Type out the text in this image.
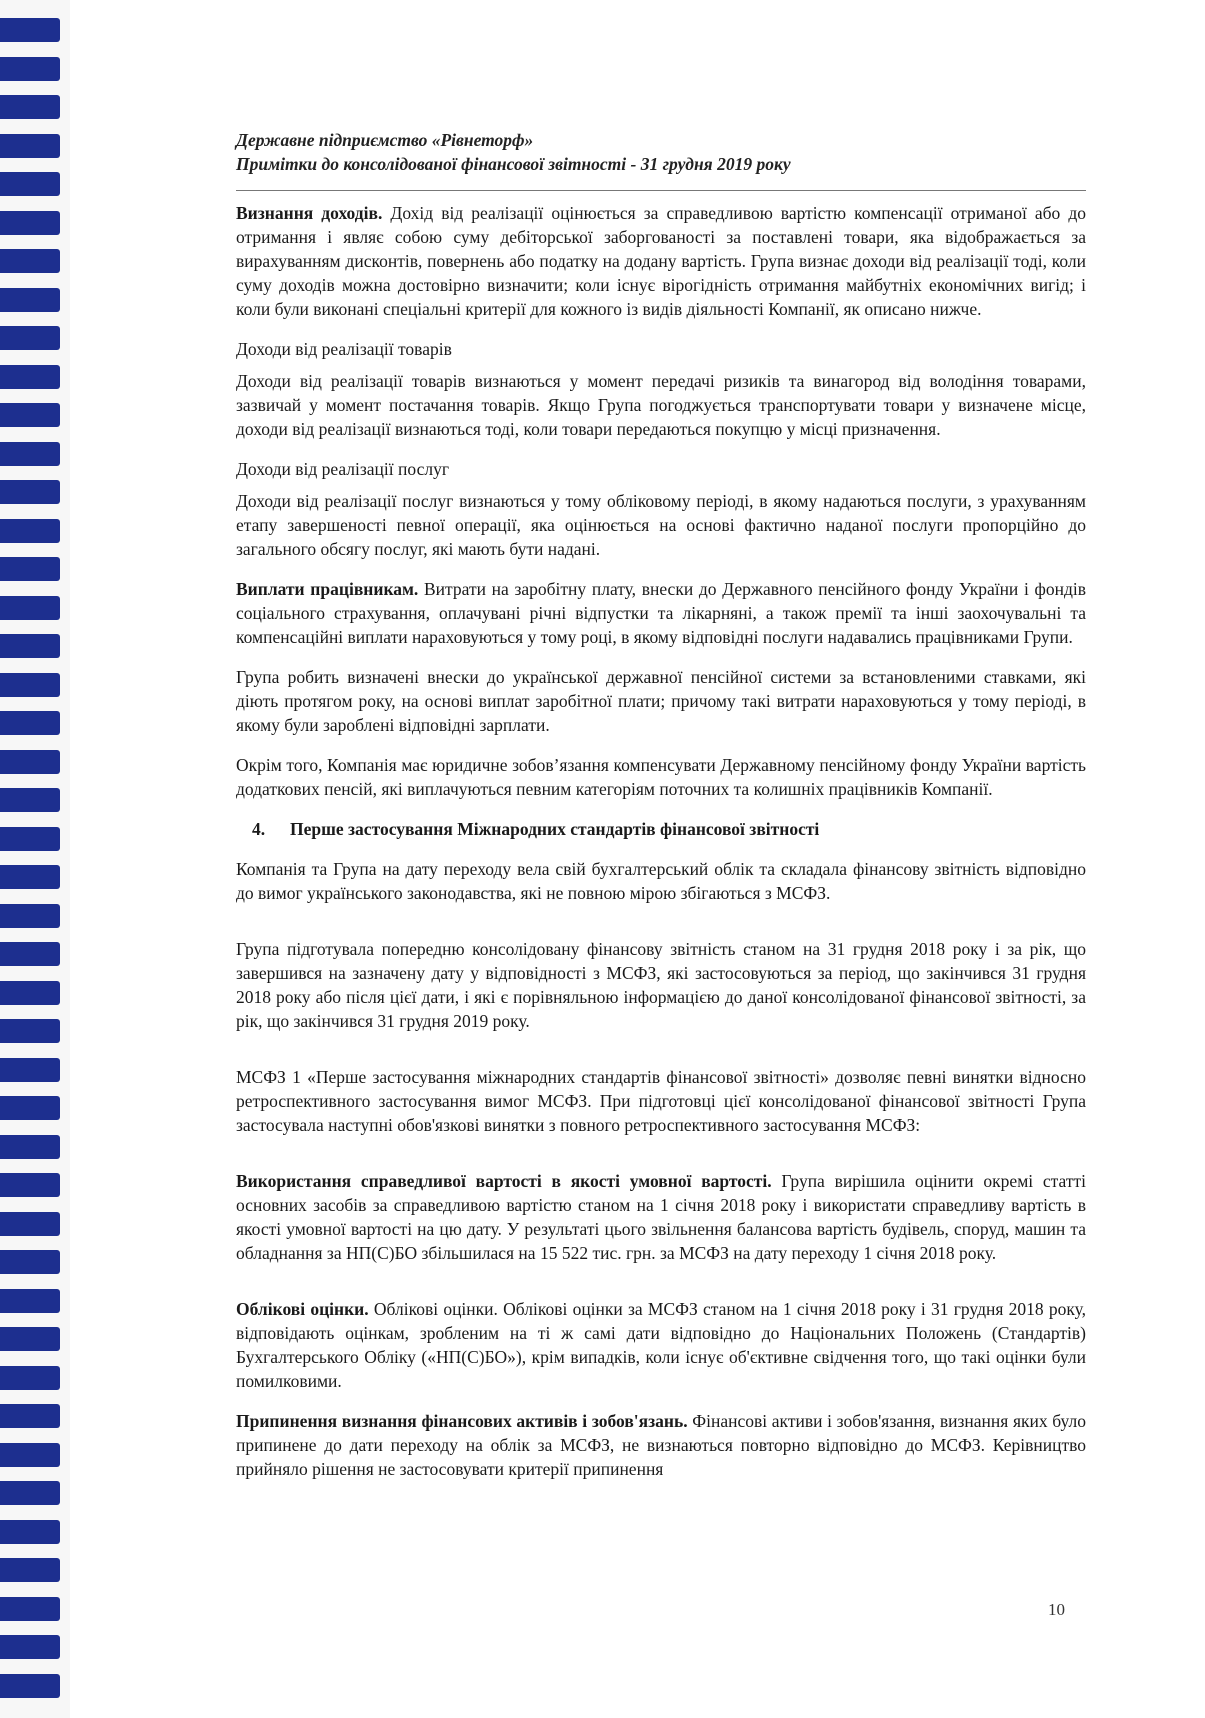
Державне підприємство «Рівнеторф»
Примітки до консолідованої фінансової звітності - 31 грудня 2019 року

Визнання доходів. Дохід від реалізації оцінюється за справедливою вартістю компенсації отриманої або до отримання і являє собою суму дебіторської заборгованості за поставлені товари, яка відображається за вирахуванням дисконтів, повернень або податку на додану вартість. Група визнає доходи від реалізації тоді, коли суму доходів можна достовірно визначити; коли існує вірогідність отримання майбутніх економічних вигід; і коли були виконані спеціальні критерії для кожного із видів діяльності Компанії, як описано нижче.

Доходи від реалізації товарів

Доходи від реалізації товарів визнаються у момент передачі ризиків та винагород від володіння товарами, зазвичай у момент постачання товарів. Якщо Група погоджується транспортувати товари у визначене місце, доходи від реалізації визнаються тоді, коли товари передаються покупцю у місці призначення.

Доходи від реалізації послуг

Доходи від реалізації послуг визнаються у тому обліковому періоді, в якому надаються послуги, з урахуванням етапу завершеності певної операції, яка оцінюється на основі фактично наданої послуги пропорційно до загального обсягу послуг, які мають бути надані.

Виплати працівникам. Витрати на заробітну плату, внески до Державного пенсійного фонду України і фондів соціального страхування, оплачувані річні відпустки та лікарняні, а також премії та інші заохочувальні та компенсаційні виплати нараховуються у тому році, в якому відповідні послуги надавались працівниками Групи.

Група робить визначені внески до української державної пенсійної системи за встановленими ставками, які діють протягом року, на основі виплат заробітної плати; причому такі витрати нараховуються у тому періоді, в якому були зароблені відповідні зарплати.

Окрім того, Компанія має юридичне зобов’язання компенсувати Державному пенсійному фонду України вартість додаткових пенсій, які виплачуються певним категоріям поточних та колишніх працівників Компанії.

4. Перше застосування Міжнародних стандартів фінансової звітності

Компанія та Група на дату переходу вела свій бухгалтерський облік та складала фінансову звітність відповідно до вимог українського законодавства, які не повною мірою збігаються з МСФЗ.

Група підготувала попередню консолідовану фінансову звітність станом на 31 грудня 2018 року і за рік, що завершився на зазначену дату у відповідності з МСФЗ, які застосовуються за період, що закінчився 31 грудня 2018 року або після цієї дати, і які є порівняльною інформацією до даної консолідованої фінансової звітності, за рік, що закінчився 31 грудня 2019 року.

МСФЗ 1 «Перше застосування міжнародних стандартів фінансової звітності» дозволяє певні винятки відносно ретроспективного застосування вимог МСФЗ. При підготовці цієї консолідованої фінансової звітності Група застосувала наступні обов'язкові винятки з повного ретроспективного застосування МСФЗ:

Використання справедливої вартості в якості умовної вартості. Група вирішила оцінити окремі статті основних засобів за справедливою вартістю станом на 1 січня 2018 року і використати справедливу вартість в якості умовної вартості на цю дату. У результаті цього звільнення балансова вартість будівель, споруд, машин та обладнання за НП(С)БО збільшилася на 15 522 тис. грн. за МСФЗ на дату переходу 1 січня 2018 року.

Облікові оцінки. Облікові оцінки. Облікові оцінки за МСФЗ станом на 1 січня 2018 року і 31 грудня 2018 року, відповідають оцінкам, зробленим на ті ж самі дати відповідно до Національних Положень (Стандартів) Бухгалтерського Обліку («НП(С)БО»), крім випадків, коли існує об'єктивне свідчення того, що такі оцінки були помилковими.

Припинення визнання фінансових активів і зобов'язань. Фінансові активи і зобов'язання, визнання яких було припинене до дати переходу на облік за МСФЗ, не визнаються повторно відповідно до МСФЗ. Керівництво прийняло рішення не застосовувати критерії припинення

10
